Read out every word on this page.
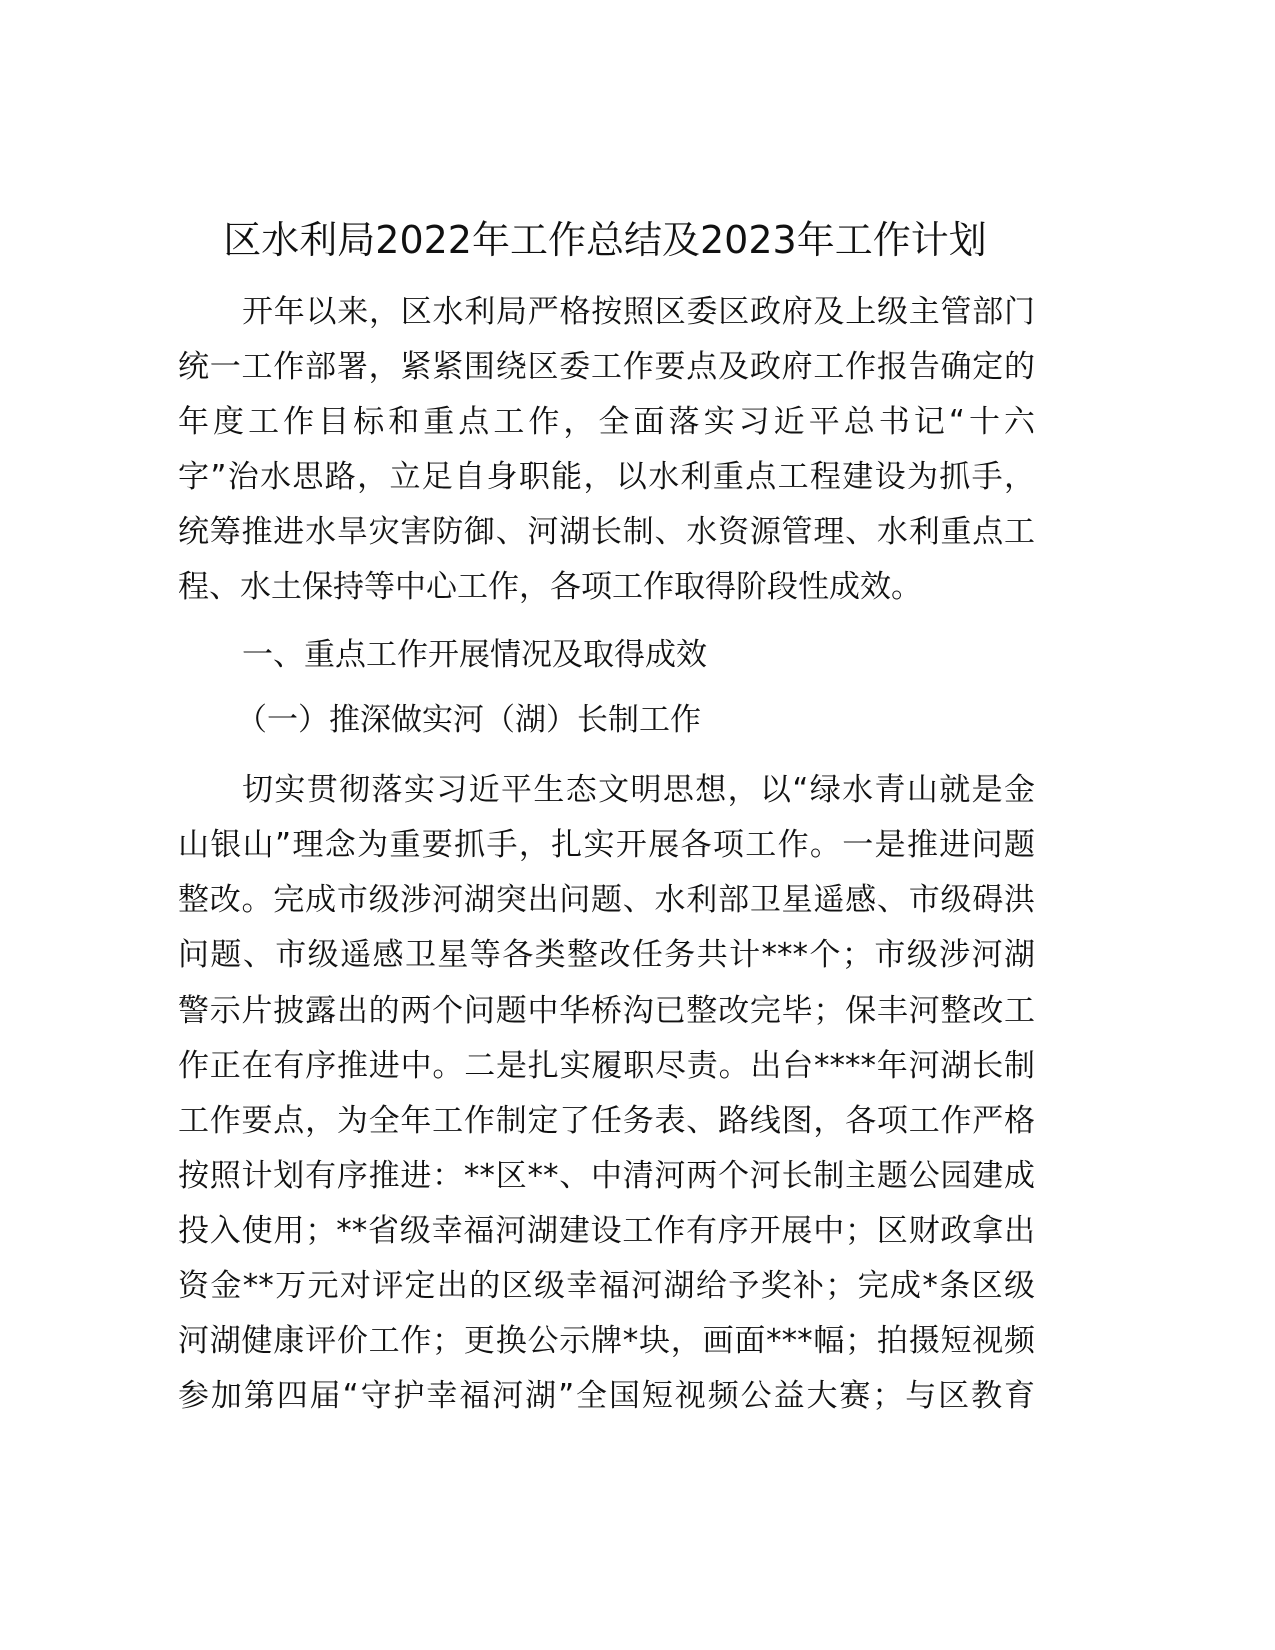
区水利局2022年工作总结及2023年工作计划
开年以来，区水利局严格按照区委区政府及上级主管部门
统一工作部署，紧紧围绕区委工作要点及政府工作报告确定的
年度工作目标和重点工作，全面落实习近平总书记“十六
字”治水思路，立足自身职能，以水利重点工程建设为抓手，
统筹推进水旱灾害防御、河湖长制、水资源管理、水利重点工
程、水土保持等中心工作，各项工作取得阶段性成效。
一、重点工作开展情况及取得成效
（一）推深做实河（湖）长制工作
切实贯彻落实习近平生态文明思想，以“绿水青山就是金
山银山”理念为重要抓手，扎实开展各项工作。一是推进问题
整改。完成市级涉河湖突出问题、水利部卫星遥感、市级碍洪
问题、市级遥感卫星等各类整改任务共计***个；市级涉河湖
警示片披露出的两个问题中华桥沟已整改完毕；保丰河整改工
作正在有序推进中。二是扎实履职尽责。出台****年河湖长制
工作要点，为全年工作制定了任务表、路线图，各项工作严格
按照计划有序推进：**区**、中清河两个河长制主题公园建成
投入使用；**省级幸福河湖建设工作有序开展中；区财政拿出
资金**万元对评定出的区级幸福河湖给予奖补；完成*条区级
河湖健康评价工作；更换公示牌*块，画面***幅；拍摄短视频
参加第四届“守护幸福河湖”全国短视频公益大赛；与区教育
